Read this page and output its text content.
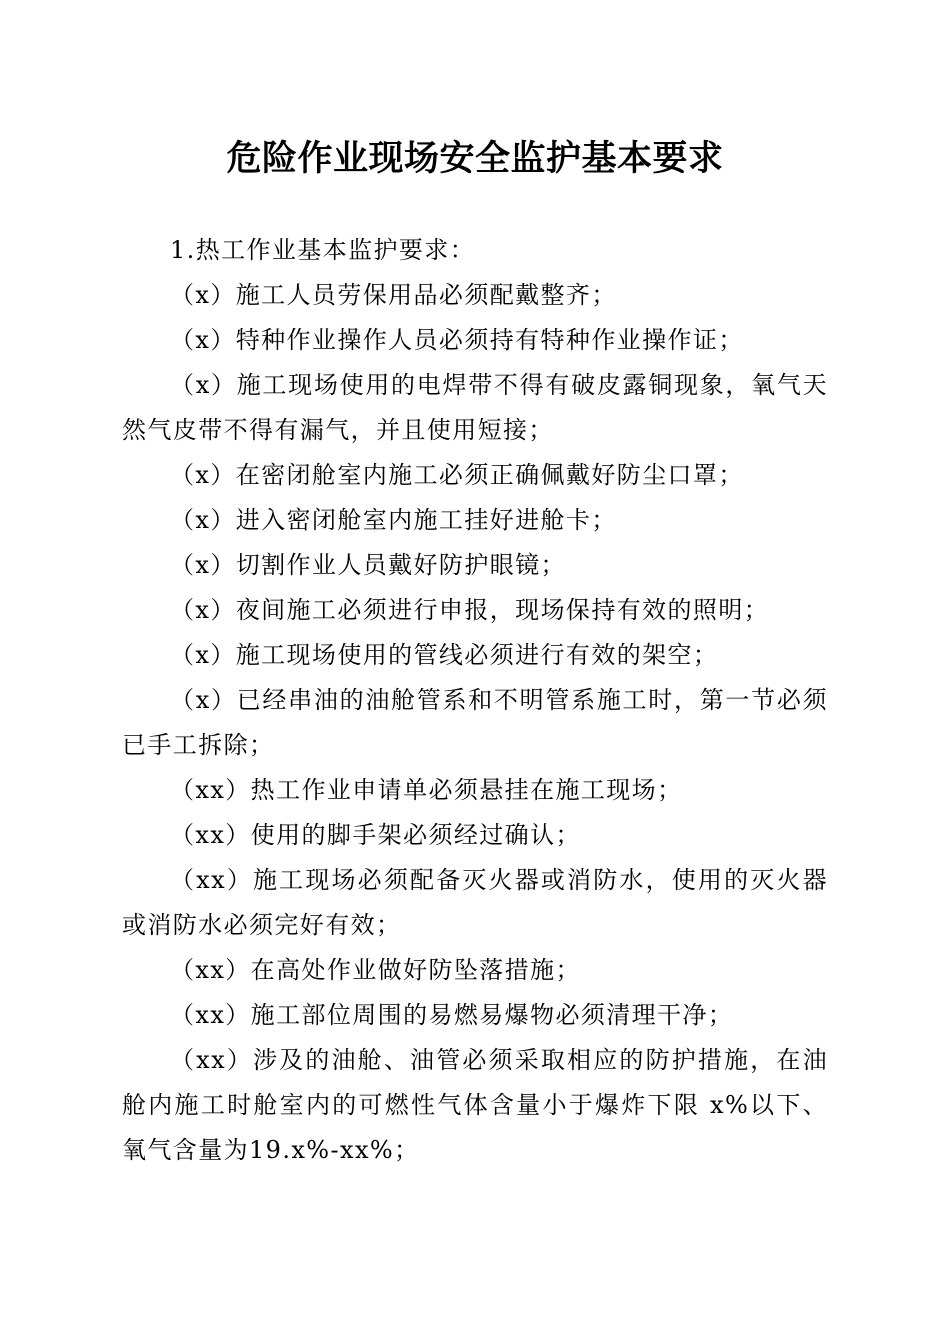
危险作业现场安全监护基本要求

1.热工作业基本监护要求：

（x）施工人员劳保用品必须配戴整齐；

（x）特种作业操作人员必须持有特种作业操作证；

（x）施工现场使用的电焊带不得有破皮露铜现象，氧气天然气皮带不得有漏气，并且使用短接；

（x）在密闭舱室内施工必须正确佩戴好防尘口罩；

（x）进入密闭舱室内施工挂好进舱卡；

（x）切割作业人员戴好防护眼镜；

（x）夜间施工必须进行申报，现场保持有效的照明；

（x）施工现场使用的管线必须进行有效的架空；

（x）已经串油的油舱管系和不明管系施工时，第一节必须已手工拆除；

（xx）热工作业申请单必须悬挂在施工现场；

（xx）使用的脚手架必须经过确认；

（xx）施工现场必须配备灭火器或消防水，使用的灭火器或消防水必须完好有效；

（xx）在高处作业做好防坠落措施；

（xx）施工部位周围的易燃易爆物必须清理干净；

（xx）涉及的油舱、油管必须采取相应的防护措施，在油舱内施工时舱室内的可燃性气体含量小于爆炸下限 x%以下、氧气含量为19.x%-xx%；
